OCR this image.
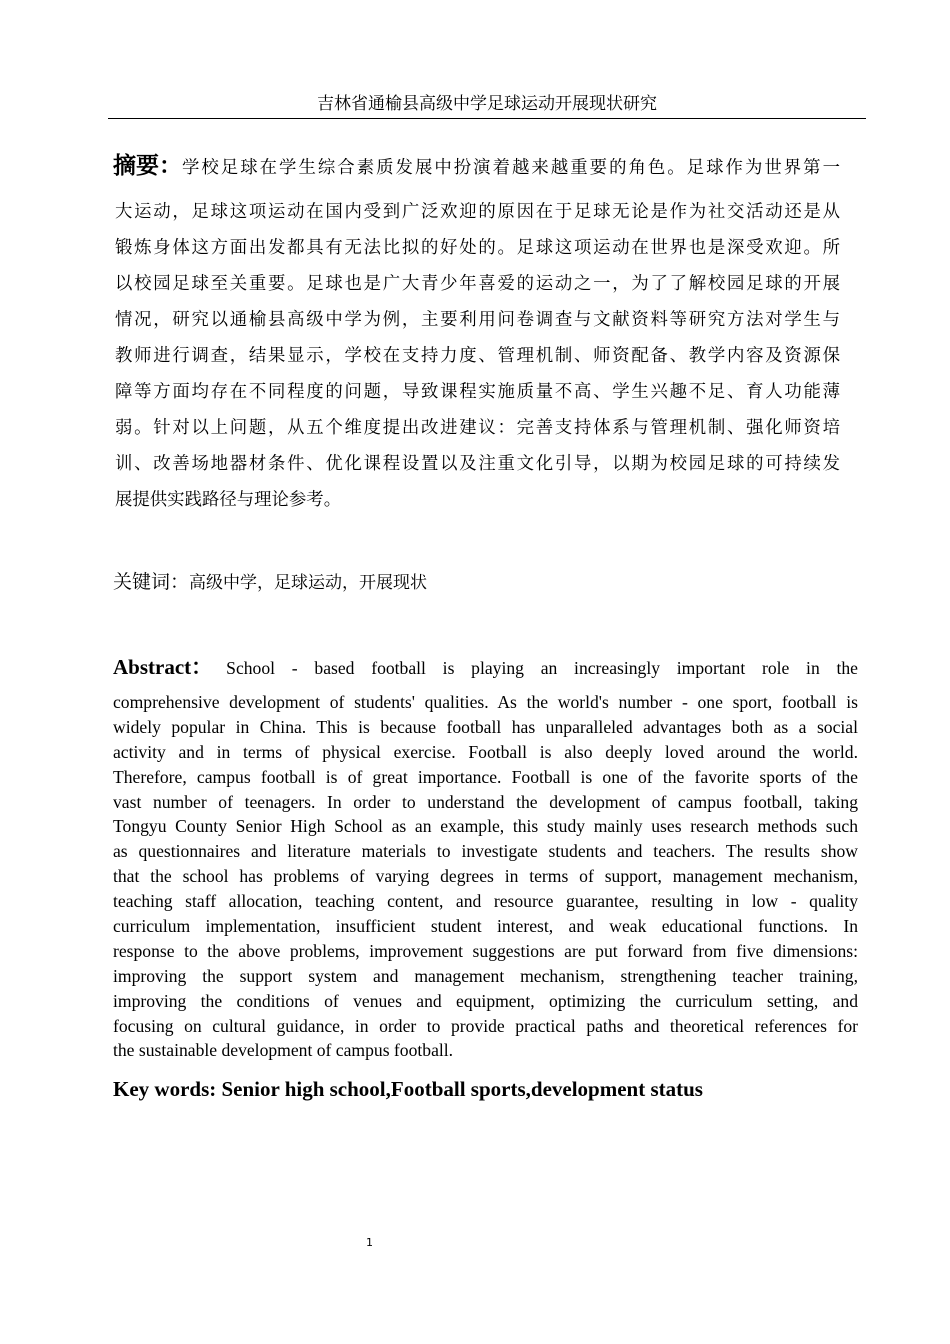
吉林省通榆县高级中学足球运动开展现状研究
摘要： 学校足球在学生综合素质发展中扮演着越来越重要的角色。足球作为世界第一
大运动，足球这项运动在国内受到广泛欢迎的原因在于足球无论是作为社交活动还是从
锻炼身体这方面出发都具有无法比拟的好处的。足球这项运动在世界也是深受欢迎。所
以校园足球至关重要。足球也是广大青少年喜爱的运动之一，为了了解校园足球的开展
情况，研究以通榆县高级中学为例，主要利用问卷调查与文献资料等研究方法对学生与
教师进行调查，结果显示，学校在支持力度、管理机制、师资配备、教学内容及资源保
障等方面均存在不同程度的问题，导致课程实施质量不高、学生兴趣不足、育人功能薄
弱。针对以上问题，从五个维度提出改进建议：完善支持体系与管理机制、强化师资培
训、改善场地器材条件、优化课程设置以及注重文化引导，以期为校园足球的可持续发
展提供实践路径与理论参考。
关键词：高级中学，足球运动，开展现状
Abstract： School - based football is playing an increasingly important role in the
comprehensive development of students' qualities. As the world's number - one sport, football is
widely popular in China. This is because football has unparalleled advantages both as a social
activity and in terms of physical exercise. Football is also deeply loved around the world.
Therefore, campus football is of great importance. Football is one of the favorite sports of the
vast number of teenagers. In order to understand the development of campus football, taking
Tongyu County Senior High School as an example, this study mainly uses research methods such
as questionnaires and literature materials to investigate students and teachers. The results show
that the school has problems of varying degrees in terms of support, management mechanism,
teaching staff allocation, teaching content, and resource guarantee, resulting in low - quality
curriculum implementation, insufficient student interest, and weak educational functions. In
response to the above problems, improvement suggestions are put forward from five dimensions:
improving the support system and management mechanism, strengthening teacher training,
improving the conditions of venues and equipment, optimizing the curriculum setting, and
focusing on cultural guidance, in order to provide practical paths and theoretical references for
the sustainable development of campus football.
Key words: Senior high school,Football sports,development status
1
